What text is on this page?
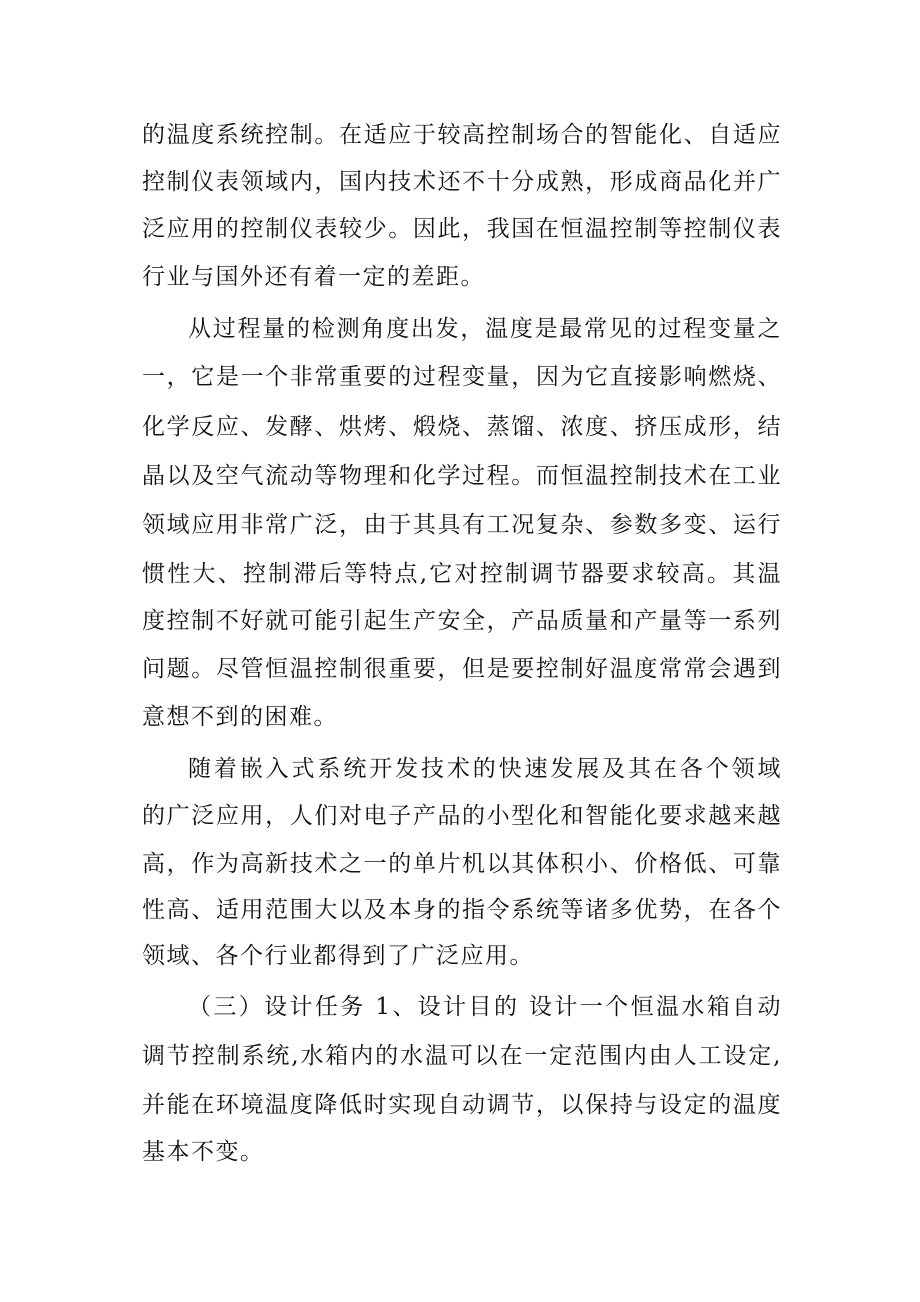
的温度系统控制。在适应于较高控制场合的智能化、自适应
控制仪表领域内，国内技术还不十分成熟，形成商品化并广
泛应用的控制仪表较少。因此，我国在恒温控制等控制仪表
行业与国外还有着一定的差距。
从过程量的检测角度出发，温度是最常见的过程变量之
一，它是一个非常重要的过程变量，因为它直接影响燃烧、
化学反应、发酵、烘烤、煅烧、蒸馏、浓度、挤压成形，结
晶以及空气流动等物理和化学过程。而恒温控制技术在工业
领域应用非常广泛，由于其具有工况复杂、参数多变、运行
惯性大、控制滞后等特点,它对控制调节器要求较高。其温
度控制不好就可能引起生产安全，产品质量和产量等一系列
问题。尽管恒温控制很重要，但是要控制好温度常常会遇到
意想不到的困难。
随着嵌入式系统开发技术的快速发展及其在各个领域
的广泛应用，人们对电子产品的小型化和智能化要求越来越
高，作为高新技术之一的单片机以其体积小、价格低、可靠
性高、适用范围大以及本身的指令系统等诸多优势，在各个
领域、各个行业都得到了广泛应用。
（三）设计任务 1、设计目的 设计一个恒温水箱自动
调节控制系统,水箱内的水温可以在一定范围内由人工设定,
并能在环境温度降低时实现自动调节，以保持与设定的温度
基本不变。
